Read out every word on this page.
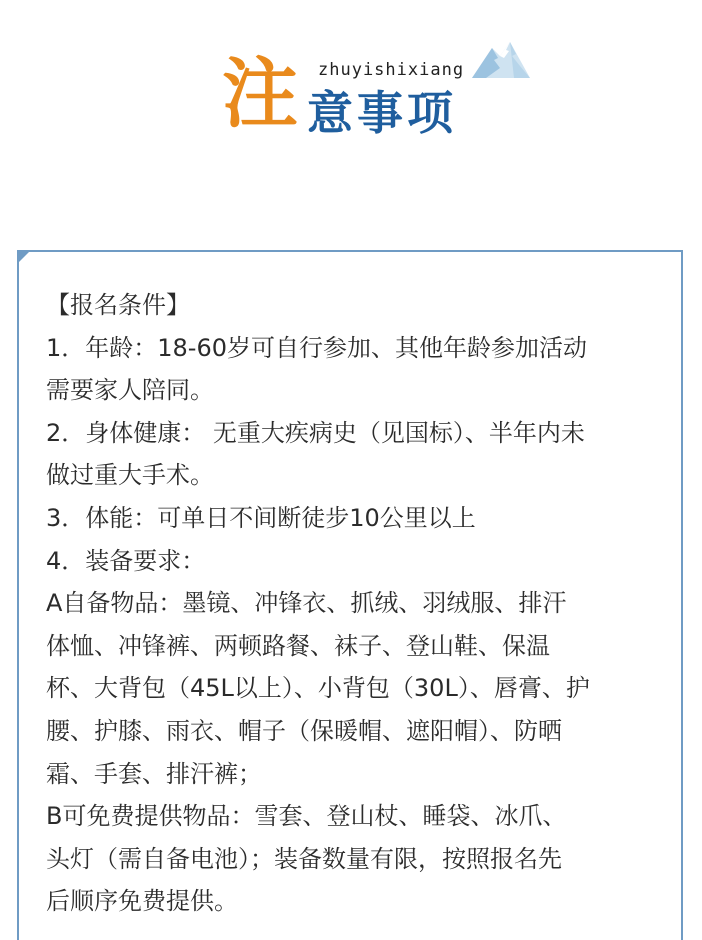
zhuyishixiang
注 意事项

【报名条件】

1．年龄：18-60岁可自行参加、其他年龄参加活动

需要家人陪同。

2．身体健康： 无重大疾病史（见国标）、半年内未

做过重大手术。

3．体能：可单日不间断徒步10公里以上

4．装备要求：

A自备物品：墨镜、冲锋衣、抓绒、羽绒服、排汗

体恤、冲锋裤、两顿路餐、袜子、登山鞋、保温

杯、大背包（45L以上）、小背包（30L）、唇膏、护

腰、护膝、雨衣、帽子（保暖帽、遮阳帽）、防晒

霜、手套、排汗裤；

B可免费提供物品：雪套、登山杖、睡袋、冰爪、

头灯（需自备电池）；装备数量有限，按照报名先

后顺序免费提供。
